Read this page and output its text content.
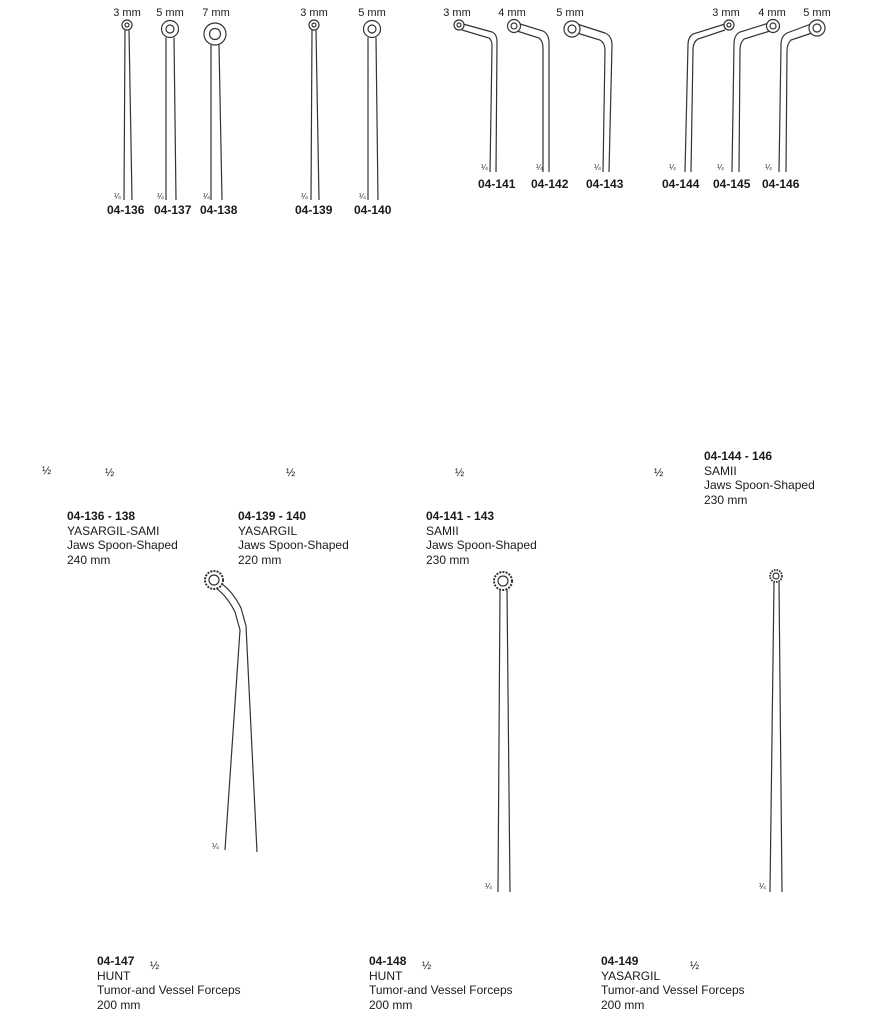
3 mm 5 mm 7 mm	3 mm	5 mm	3 mm	4 mm	5 mm	3 mm 4 mm 5 mm
¼	¼	¼	¼	¼
¼	¼	¼	¼	¼	¼
04-136 04-137 04-138	04-139 04-140
04-141 04-142 04-143	04-144 04-145 04-146
½	½	½	½	½
04-136 - 138
YASARGIL-SAMI
Jaws Spoon-Shaped
240 mm
04-139 - 140
YASARGIL
Jaws Spoon-Shaped
220 mm
04-141 - 143
SAMII
Jaws Spoon-Shaped
230 mm
04-144 - 146
SAMII
Jaws Spoon-Shaped
230 mm
¼
¼	¼
04-147
HUNT
Tumor-and Vessel Forceps
200 mm
½	04-148
HUNT
Tumor-and Vessel Forceps
200 mm
½	04-149
YASARGIL
Tumor-and Vessel Forceps
200 mm
½
